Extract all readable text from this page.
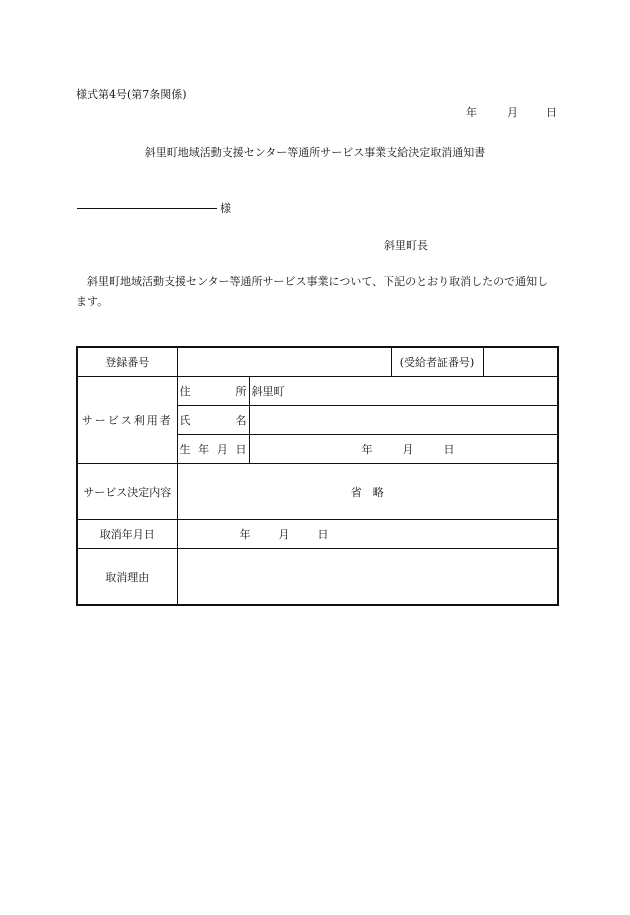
様式第4号(第7条関係)
年	月	日
斜里町地域活動支援センター等通所サービス事業支給決定取消通知書
様
斜里町長
斜里町地域活動支援センター等通所サービス事業について、下記のとおり取消したので通知します。
登録番号			(受給者証番号)	
サービス利用者	住 所	斜里町		

	氏 名			

	生 年 月 日	年 月 日		

サービス決定内容	省　略			
取消年月日	年 月 日			

取消理由				
